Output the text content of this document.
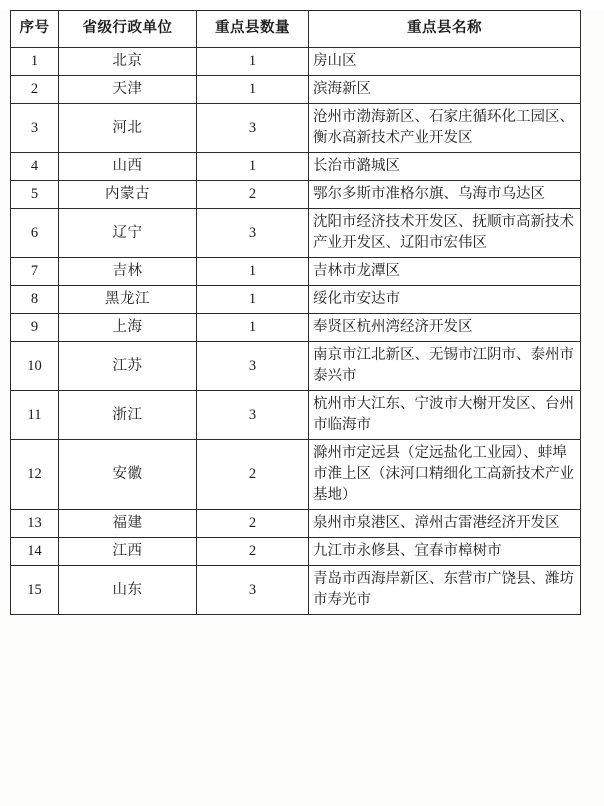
序号	省级行政单位	重点县数量	重点县名称
1	北京	1	房山区
2	天津	1	滨海新区
3	河北	3	沧州市渤海新区、石家庄循环化工园区、衡水高新技术产业开发区
4	山西	1	长治市潞城区
5	内蒙古	2	鄂尔多斯市准格尔旗、乌海市乌达区
6	辽宁	3	沈阳市经济技术开发区、抚顺市高新技术产业开发区、辽阳市宏伟区
7	吉林	1	吉林市龙潭区
8	黑龙江	1	绥化市安达市
9	上海	1	奉贤区杭州湾经济开发区
10	江苏	3	南京市江北新区、无锡市江阴市、泰州市泰兴市
11	浙江	3	杭州市大江东、宁波市大榭开发区、台州市临海市
12	安徽	2	滁州市定远县（定远盐化工业园）、蚌埠市淮上区（沫河口精细化工高新技术产业基地）
13	福建	2	泉州市泉港区、漳州古雷港经济开发区
14	江西	2	九江市永修县、宜春市樟树市
15	山东	3	青岛市西海岸新区、东营市广饶县、潍坊市寿光市
